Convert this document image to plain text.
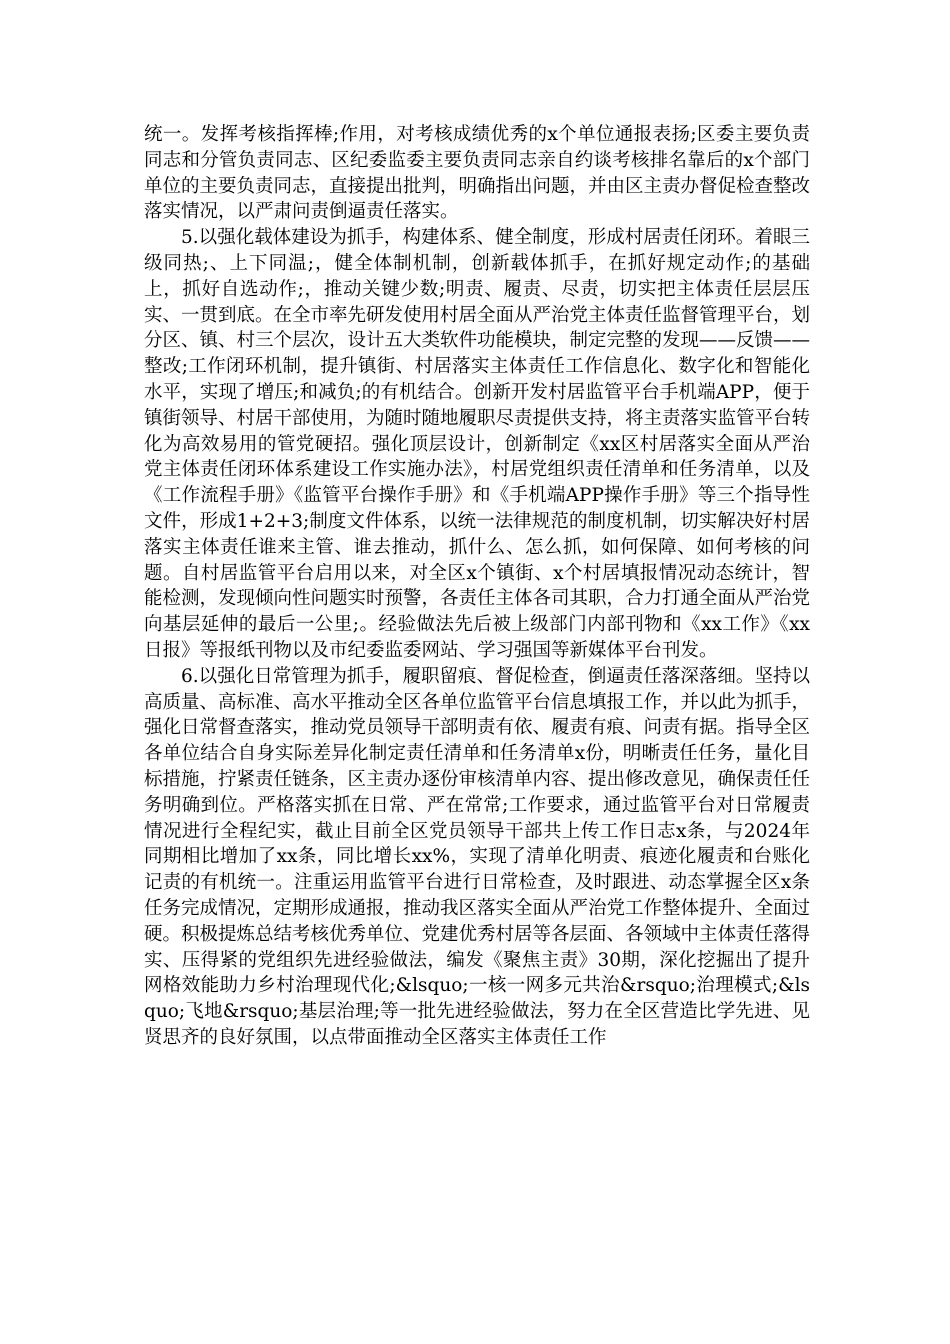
统一。发挥考核指挥棒;作用，对考核成绩优秀的x个单位通报表扬;区委主要负责同志和分管负责同志、区纪委监委主要负责同志亲自约谈考核排名靠后的x个部门单位的主要负责同志，直接提出批判，明确指出问题，并由区主责办督促检查整改落实情况，以严肃问责倒逼责任落实。

5.以强化载体建设为抓手，构建体系、健全制度，形成村居责任闭环。着眼三级同热;、上下同温;，健全体制机制，创新载体抓手，在抓好规定动作;的基础上，抓好自选动作;，推动关键少数;明责、履责、尽责，切实把主体责任层层压实、一贯到底。在全市率先研发使用村居全面从严治党主体责任监督管理平台，划分区、镇、村三个层次，设计五大类软件功能模块，制定完整的发现——反馈——整改;工作闭环机制，提升镇街、村居落实主体责任工作信息化、数字化和智能化水平，实现了增压;和减负;的有机结合。创新开发村居监管平台手机端APP，便于镇街领导、村居干部使用，为随时随地履职尽责提供支持，将主责落实监管平台转化为高效易用的管党硬招。强化顶层设计，创新制定《xx区村居落实全面从严治党主体责任闭环体系建设工作实施办法》，村居党组织责任清单和任务清单，以及《工作流程手册》《监管平台操作手册》和《手机端APP操作手册》等三个指导性文件，形成1+2+3;制度文件体系，以统一法律规范的制度机制，切实解决好村居落实主体责任谁来主管、谁去推动，抓什么、怎么抓，如何保障、如何考核的问题。自村居监管平台启用以来，对全区x个镇街、x个村居填报情况动态统计，智能检测，发现倾向性问题实时预警，各责任主体各司其职，合力打通全面从严治党向基层延伸的最后一公里;。经验做法先后被上级部门内部刊物和《xx工作》《xx日报》等报纸刊物以及市纪委监委网站、学习强国等新媒体平台刊发。

6.以强化日常管理为抓手，履职留痕、督促检查，倒逼责任落深落细。坚持以高质量、高标准、高水平推动全区各单位监管平台信息填报工作，并以此为抓手，强化日常督查落实，推动党员领导干部明责有依、履责有痕、问责有据。指导全区各单位结合自身实际差异化制定责任清单和任务清单x份，明晰责任任务，量化目标措施，拧紧责任链条，区主责办逐份审核清单内容、提出修改意见，确保责任任务明确到位。严格落实抓在日常、严在常常;工作要求，通过监管平台对日常履责情况进行全程纪实，截止目前全区党员领导干部共上传工作日志x条，与2024年同期相比增加了xx条，同比增长xx%，实现了清单化明责、痕迹化履责和台账化记责的有机统一。注重运用监管平台进行日常检查，及时跟进、动态掌握全区x条任务完成情况，定期形成通报，推动我区落实全面从严治党工作整体提升、全面过硬。积极提炼总结考核优秀单位、党建优秀村居等各层面、各领域中主体责任落得实、压得紧的党组织先进经验做法，编发《聚焦主责》30期，深化挖掘出了提升网格效能助力乡村治理现代化;&lsquo;一核一网多元共治&rsquo;治理模式;&lsquo;飞地&rsquo;基层治理;等一批先进经验做法，努力在全区营造比学先进、见贤思齐的良好氛围，以点带面推动全区落实主体责任工作
